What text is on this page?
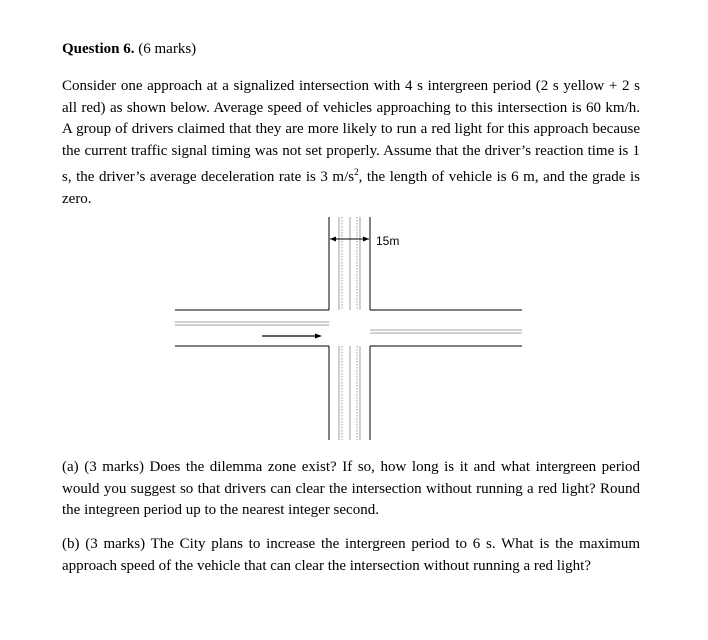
Question 6. (6 marks)

Consider one approach at a signalized intersection with 4 s intergreen period (2 s yellow + 2 s all red) as shown below. Average speed of vehicles approaching to this intersection is 60 km/h. A group of drivers claimed that they are more likely to run a red light for this approach because the current traffic signal timing was not set properly. Assume that the driver’s reaction time is 1 s, the driver’s average deceleration rate is 3 $m/s^2$, the length of vehicle is 6 m, and the grade is zero.

15m

(a) (3 marks) Does the dilemma zone exist? If so, how long is it and what intergreen period would you suggest so that drivers can clear the intersection without running a red light? Round the integreen period up to the nearest integer second.

(b) (3 marks) The City plans to increase the intergreen period to 6 s. What is the maximum approach speed of the vehicle that can clear the intersection without running a red light?
